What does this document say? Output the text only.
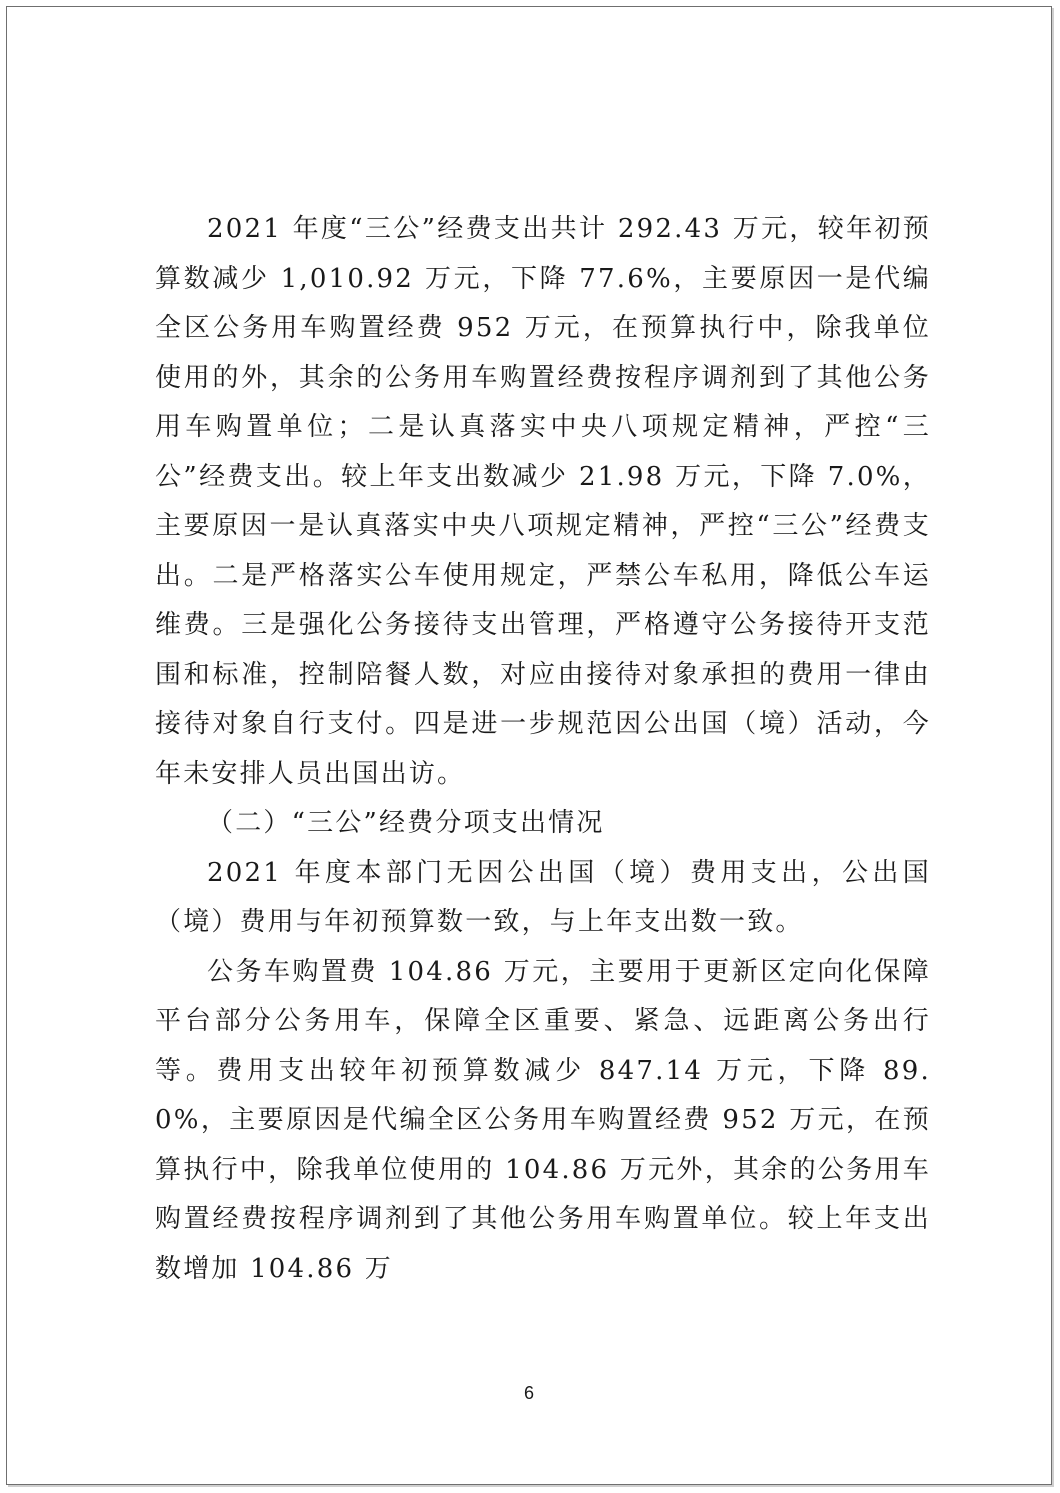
2021 年度“三公”经费支出共计 292.43 万元，较年初预算数减少 1,010.92 万元，下降 77.6%，主要原因一是代编全区公务用车购置经费 952 万元，在预算执行中，除我单位使用的外，其余的公务用车购置经费按程序调剂到了其他公务用车购置单位；二是认真落实中央八项规定精神，严控“三公”经费支出。较上年支出数减少 21.98 万元，下降 7.0%，主要原因一是认真落实中央八项规定精神，严控“三公”经费支出。二是严格落实公车使用规定，严禁公车私用，降低公车运维费。三是强化公务接待支出管理，严格遵守公务接待开支范围和标准，控制陪餐人数，对应由接待对象承担的费用一律由接待对象自行支付。四是进一步规范因公出国（境）活动，今年未安排人员出国出访。

（二）“三公”经费分项支出情况

2021 年度本部门无因公出国（境）费用支出，公出国（境）费用与年初预算数一致，与上年支出数一致。

公务车购置费 104.86 万元，主要用于更新区定向化保障平台部分公务用车，保障全区重要、紧急、远距离公务出行等。费用支出较年初预算数减少 847.14 万元，下降 89.0%，主要原因是代编全区公务用车购置经费 952 万元，在预算执行中，除我单位使用的 104.86 万元外，其余的公务用车购置经费按程序调剂到了其他公务用车购置单位。较上年支出数增加 104.86 万

6
